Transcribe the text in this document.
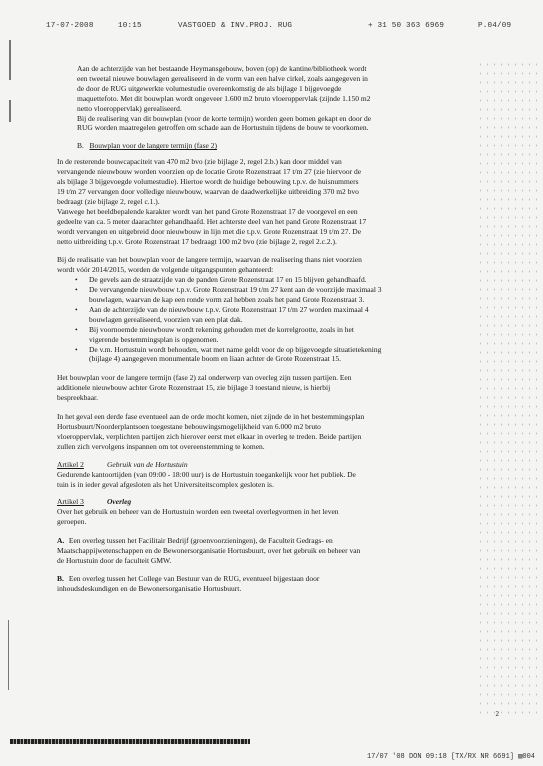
17-07-2008	10:15	VASTGOED & INV.PROJ. RUG	+ 31 50 363 6969	P.04/09

Aan de achterzijde van het bestaande Heymansgebouw, boven (op) de kantine/bibliotheek wordt

een tweetal nieuwe bouwlagen gerealiseerd in de vorm van een halve cirkel, zoals aangegeven in

de door de RUG uitgewerkte volumestudie overeenkomstig de als bijlage 1 bijgevoegde

maquettefoto. Met dit bouwplan wordt ongeveer 1.600 m2 bruto vloeroppervlak (zijnde 1.150 m2

netto vloeroppervlak) gerealiseerd.

Bij de realisering van dit bouwplan (voor de korte termijn) worden geen bomen gekapt en door de

RUG worden maatregelen getroffen om schade aan de Hortustuin tijdens de bouw te voorkomen.

B. Bouwplan voor de langere termijn (fase 2)

In de resterende bouwcapaciteit van 470 m2 bvo (zie bijlage 2, regel 2.b.) kan door middel van

vervangende nieuwbouw worden voorzien op de locatie Grote Rozenstraat 17 t/m 27 (zie hiervoor de

als bijlage 3 bijgevoegde volumestudie). Hiertoe wordt de huidige bebouwing t.p.v. de huisnummers

19 t/m 27 vervangen door volledige nieuwbouw, waarvan de daadwerkelijke uitbreiding 370 m2 bvo

bedraagt (zie bijlage 2, regel c.1.).

Vanwege het beeldbepalende karakter wordt van het pand Grote Rozenstraat 17 de voorgevel en een

gedeelte van ca. 5 meter daarachter gehandhaafd. Het achterste deel van het pand Grote Rozenstraat 17

wordt vervangen en uitgebreid door nieuwbouw in lijn met die t.p.v. Grote Rozenstraat 19 t/m 27. De

netto uitbreiding t.p.v. Grote Rozenstraat 17 bedraagt 100 m2 bvo (zie bijlage 2, regel 2.c.2.).

Bij de realisatie van het bouwplan voor de langere termijn, waarvan de realisering thans niet voorzien

wordt vóór 2014/2015, worden de volgende uitgangspunten gehanteerd:

• De gevels aan de straatzijde van de panden Grote Rozenstraat 17 en 15 blijven gehandhaafd.
• De vervangende nieuwbouw t.p.v. Grote Rozenstraat 19 t/m 27 kent aan de voorzijde maximaal 3
bouwlagen, waarvan de kap een ronde vorm zal hebben zoals het pand Grote Rozenstraat 3.
• Aan de achterzijde van de nieuwbouw t.p.v. Grote Rozenstraat 17 t/m 27 worden maximaal 4
bouwlagen gerealiseerd, voorzien van een plat dak.
• Bij voornoemde nieuwbouw wordt rekening gehouden met de korrelgrootte, zoals in het
vigerende bestemmingsplan is opgenomen.
• De v.m. Hortustuin wordt behouden, wat met name geldt voor de op bijgevoegde situatietekening
(bijlage 4) aangegeven monumentale boom en liaan achter de Grote Rozenstraat 15.

Het bouwplan voor de langere termijn (fase 2) zal onderwerp van overleg zijn tussen partijen. Een

additionele nieuwbouw achter Grote Rozenstraat 15, zie bijlage 3 toestand nieuw, is hierbij

bespreekbaar.

In het geval een derde fase eventueel aan de orde mocht komen, niet zijnde de in het bestemmingsplan

Hortusbuurt/Noorderplantsoen toegestane bebouwingsmogelijkheid van 6.000 m2 bruto

vloeroppervlak, verplichten partijen zich hierover eerst met elkaar in overleg te treden. Beide partijen

zullen zich vervolgens inspannen om tot overeenstemming te komen.

Artikel 2	Gebruik van de Hortustuin

Gedurende kantoortijden (van 09:00 - 18:00 uur) is de Hortustuin toegankelijk voor het publiek. De

tuin is in ieder geval afgesloten als het Universiteitscomplex gesloten is.

Artikel 3	Overleg

Over het gebruik en beheer van de Hortustuin worden een tweetal overlegvormen in het leven

geroepen.

A. Een overleg tussen het Facilitair Bedrijf (groenvoorzieningen), de Faculteit Gedrags- en
Maatschappijwetenschappen en de Bewonersorganisatie Hortusbuurt, over het gebruik en beheer van
de Hortustuin door de faculteit GMW.
B. Een overleg tussen het College van Bestuur van de RUG, eventueel bijgestaan door
inhoudsdeskundigen en de Bewonersorganisatie Hortusbuurt.
2
17/07 '08 DON 09:18 [TX/RX NR 6691] ▨004
